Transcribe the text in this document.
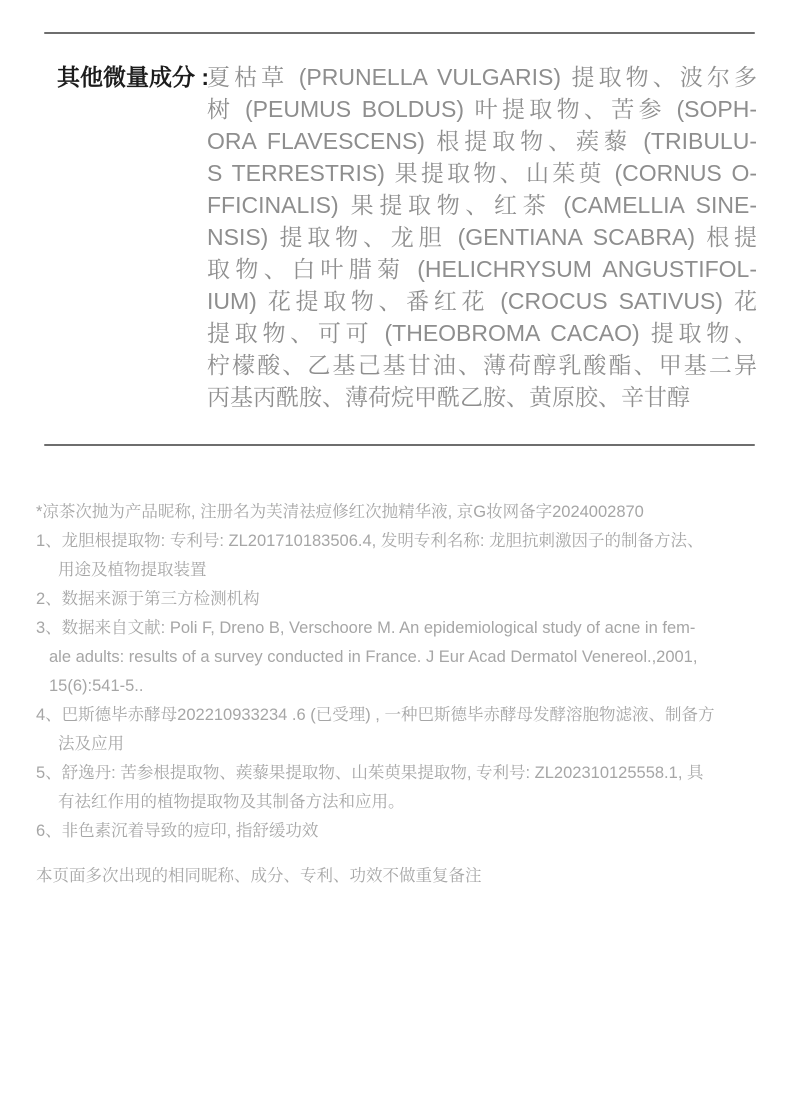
其他微量成分 :
夏枯草 (PRUNELLA VULGARIS) 提取物、波尔多
树 (PEUMUS BOLDUS) 叶提取物、苦参 (SOPH-
ORA FLAVESCENS) 根提取物、蒺藜 (TRIBULU-
S TERRESTRIS) 果提取物、山茱萸 (CORNUS O-
FFICINALIS) 果提取物、红茶 (CAMELLIA SINE-
NSIS) 提取物、龙胆 (GENTIANA SCABRA) 根提
取物、白叶腊菊 (HELICHRYSUM ANGUSTIFOL-
IUM) 花提取物、番红花 (CROCUS SATIVUS) 花
提取物、可可 (THEOBROMA CACAO) 提取物、
柠檬酸、乙基己基甘油、薄荷醇乳酸酯、甲基二异
丙基丙酰胺、薄荷烷甲酰乙胺、黄原胶、辛甘醇
*凉茶次抛为产品昵称, 注册名为芙清祛痘修红次抛精华液, 京G妆网备字2024002870
1、龙胆根提取物: 专利号: ZL201710183506.4, 发明专利名称: 龙胆抗刺激因子的制备方法、
用途及植物提取装置
2、数据来源于第三方检测机构
3、数据来自文献: Poli F, Dreno B, Verschoore M. An epidemiological study of acne in fem-
ale adults: results of a survey conducted in France. J Eur Acad Dermatol Venereol.,2001,
15(6):541-5..
4、巴斯德毕赤酵母202210933234 .6 (已受理) , 一种巴斯德毕赤酵母发酵溶胞物滤液、制备方
法及应用
5、舒逸丹: 苦参根提取物、蒺藜果提取物、山茱萸果提取物, 专利号: ZL202310125558.1, 具
有祛红作用的植物提取物及其制备方法和应用。
6、非色素沉着导致的痘印, 指舒缓功效
本页面多次出现的相同昵称、成分、专利、功效不做重复备注
